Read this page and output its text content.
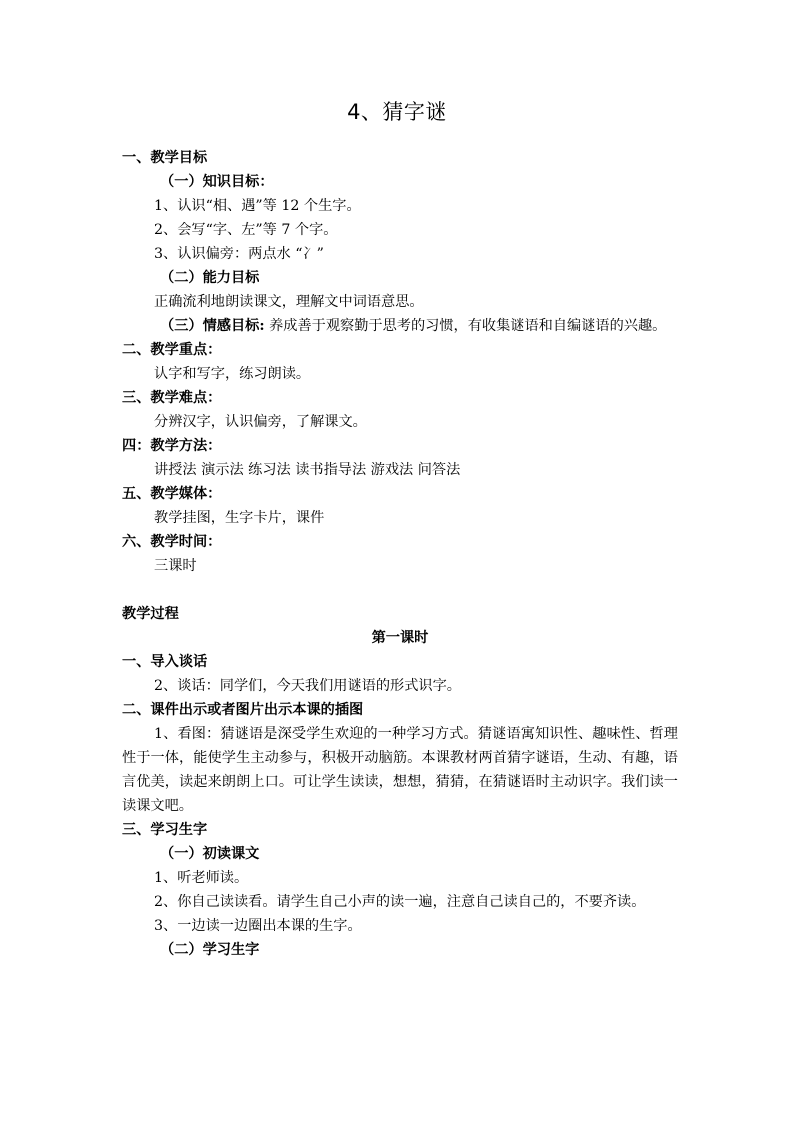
4、猜字谜
一、教学目标
（一）知识目标：
1、认识“相、遇”等 12 个生字。
2、会写“字、左”等 7 个字。
3、认识偏旁：两点水 “冫”
（二）能力目标
正确流利地朗读课文，理解文中词语意思。
（三）情感目标: 养成善于观察勤于思考的习惯，有收集谜语和自编谜语的兴趣。
二、教学重点：
认字和写字，练习朗读。
三、教学难点：
分辨汉字，认识偏旁，了解课文。
四：教学方法：
讲授法 演示法 练习法 读书指导法 游戏法 问答法
五、教学媒体：
教学挂图，生字卡片，课件
六、教学时间：
三课时
教学过程
第一课时
一、导入谈话
2、谈话：同学们，今天我们用谜语的形式识字。
二、课件出示或者图片出示本课的插图
1、看图：猜谜语是深受学生欢迎的一种学习方式。猜谜语寓知识性、趣味性、哲理性于一体，能使学生主动参与，积极开动脑筋。本课教材两首猜字谜语，生动、有趣，语言优美，读起来朗朗上口。可让学生读读，想想，猜猜，在猜谜语时主动识字。我们读一读课文吧。
三、学习生字
（一）初读课文
1、听老师读。
2、你自己读读看。请学生自己小声的读一遍，注意自己读自己的，不要齐读。
3、一边读一边圈出本课的生字。
（二）学习生字
